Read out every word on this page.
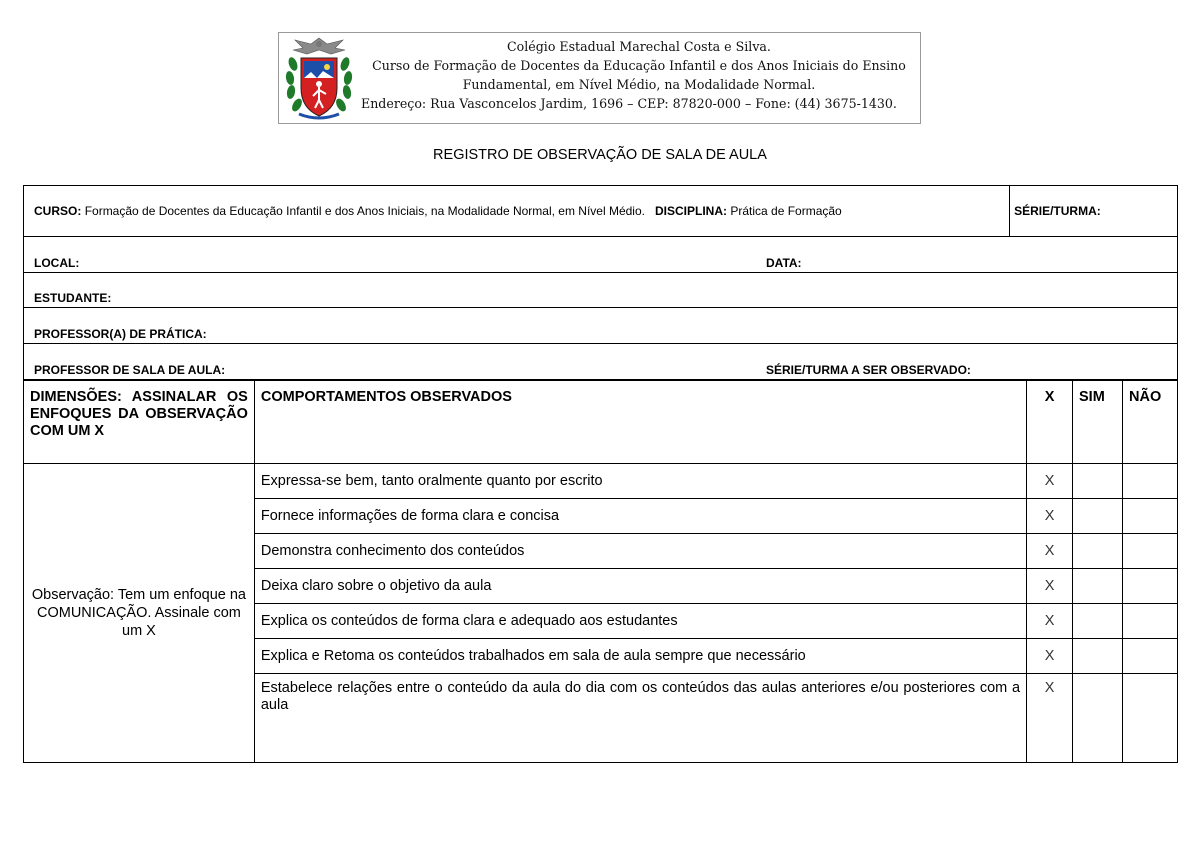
Colégio Estadual Marechal Costa e Silva.
Curso de Formação de Docentes da Educação Infantil e dos Anos Iniciais do Ensino
Fundamental, em Nível Médio, na Modalidade Normal.
Endereço: Rua Vasconcelos Jardim, 1696 – CEP: 87820-000 – Fone: (44) 3675-1430.
REGISTRO DE OBSERVAÇÃO DE SALA DE AULA
CURSO: Formação de Docentes da Educação Infantil e dos Anos Iniciais, na Modalidade Normal, em Nível Médio. DISCIPLINA: Prática de Formação	SÉRIE/TURMA:
LOCAL:	DATA:

ESTUDANTE:
PROFESSOR(A) DE PRÁTICA:
PROFESSOR DE SALA DE AULA:	SÉRIE/TURMA A SER OBSERVADO:
DIMENSÕES: ASSINALAR OS ENFOQUES DA OBSERVAÇÃO COM UM X	COMPORTAMENTOS OBSERVADOS	X	SIM	NÃO
Observação: Tem um enfoque na COMUNICAÇÃO. Assinale com um X	Expressa-se bem, tanto oralmente quanto por escrito	X		
	Fornece informações de forma clara e concisa	X		
	Demonstra conhecimento dos conteúdos	X		
	Deixa claro sobre o objetivo da aula	X		
	Explica os conteúdos de forma clara e adequado aos estudantes	X		
	Explica e Retoma os conteúdos trabalhados em sala de aula sempre que necessário	X		
	Estabelece relações entre o conteúdo da aula do dia com os conteúdos das aulas anteriores e/ou posteriores com a aula	X		
